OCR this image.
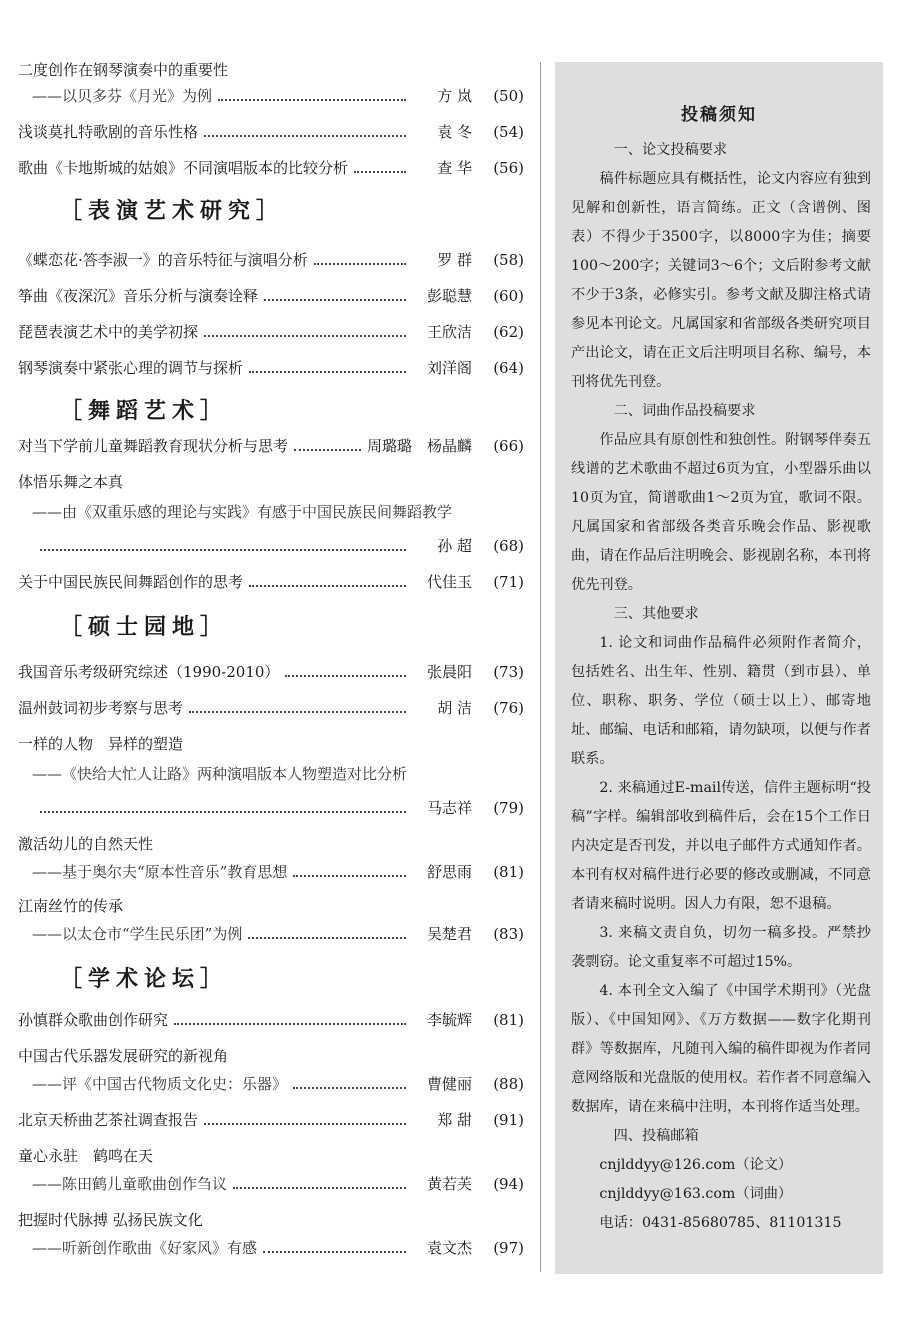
二度创作在钢琴演奏中的重要性
——以贝多芬《月光》为例	方 岚	(50)
浅谈莫扎特歌剧的音乐性格	袁 冬	(54)
歌曲《卡地斯城的姑娘》不同演唱版本的比较分析	查 华	(56)
［表演艺术研究］
《蝶恋花·答李淑一》的音乐特征与演唱分析	罗 群	(58)
筝曲《夜深沉》音乐分析与演奏诠释	彭聪慧	(60)
琵琶表演艺术中的美学初探	王欣洁	(62)
钢琴演奏中紧张心理的调节与探析	刘洋阁	(64)
［舞蹈艺术］
对当下学前儿童舞蹈教育现状分析与思考	周璐璐　杨晶麟	(66)
体悟乐舞之本真
——由《双重乐感的理论与实践》有感于中国民族民间舞蹈教学
孙 超	(68)
关于中国民族民间舞蹈创作的思考	代佳玉	(71)
［硕士园地］
我国音乐考级研究综述（1990-2010）	张晨阳	(73)
温州鼓词初步考察与思考	胡 洁	(76)
一样的人物　异样的塑造
——《快给大忙人让路》两种演唱版本人物塑造对比分析
马志祥	(79)
激活幼儿的自然天性
——基于奥尔夫“原本性音乐”教育思想	舒思雨	(81)
江南丝竹的传承
——以太仓市“学生民乐团”为例	吴楚君	(83)
［学术论坛］
孙慎群众歌曲创作研究	李毓辉	(81)
中国古代乐器发展研究的新视角
——评《中国古代物质文化史：乐器》	曹健丽	(88)
北京天桥曲艺茶社调查报告	郑 甜	(91)
童心永驻　鹤鸣在天
——陈田鹤儿童歌曲创作刍议	黄若芙	(94)
把握时代脉搏 弘扬民族文化
——听新创作歌曲《好家风》有感	袁文杰	(97)
投稿须知

一、论文投稿要求

稿件标题应具有概括性，论文内容应有独到见解和创新性，语言简练。正文（含谱例、图表）不得少于3500字，以8000字为佳；摘要100～200字；关键词3～6个；文后附参考文献不少于3条，必修实引。参考文献及脚注格式请参见本刊论文。凡属国家和省部级各类研究项目产出论文，请在正文后注明项目名称、编号，本刊将优先刊登。

二、词曲作品投稿要求

作品应具有原创性和独创性。附钢琴伴奏五线谱的艺术歌曲不超过6页为宜，小型器乐曲以10页为宜，简谱歌曲1～2页为宜，歌词不限。凡属国家和省部级各类音乐晚会作品、影视歌曲，请在作品后注明晚会、影视剧名称，本刊将优先刊登。

三、其他要求

1. 论文和词曲作品稿件必须附作者简介，包括姓名、出生年、性别、籍贯（到市县）、单位、职称、职务、学位（硕士以上）、邮寄地址、邮编、电话和邮箱，请勿缺项，以便与作者联系。

2. 来稿通过E-mail传送，信件主题标明“投稿”字样。编辑部收到稿件后，会在15个工作日内决定是否刊发，并以电子邮件方式通知作者。本刊有权对稿件进行必要的修改或删减，不同意者请来稿时说明。因人力有限，恕不退稿。

3. 来稿文责自负，切勿一稿多投。严禁抄袭剽窃。论文重复率不可超过15%。

4. 本刊全文入编了《中国学术期刊》（光盘版）、《中国知网》、《万方数据——数字化期刊群》等数据库，凡随刊入编的稿件即视为作者同意网络版和光盘版的使用权。若作者不同意编入数据库，请在来稿中注明，本刊将作适当处理。

四、投稿邮箱

cnjlddyy@126.com（论文）

cnjlddyy@163.com（词曲）

电话：0431-85680785、81101315
